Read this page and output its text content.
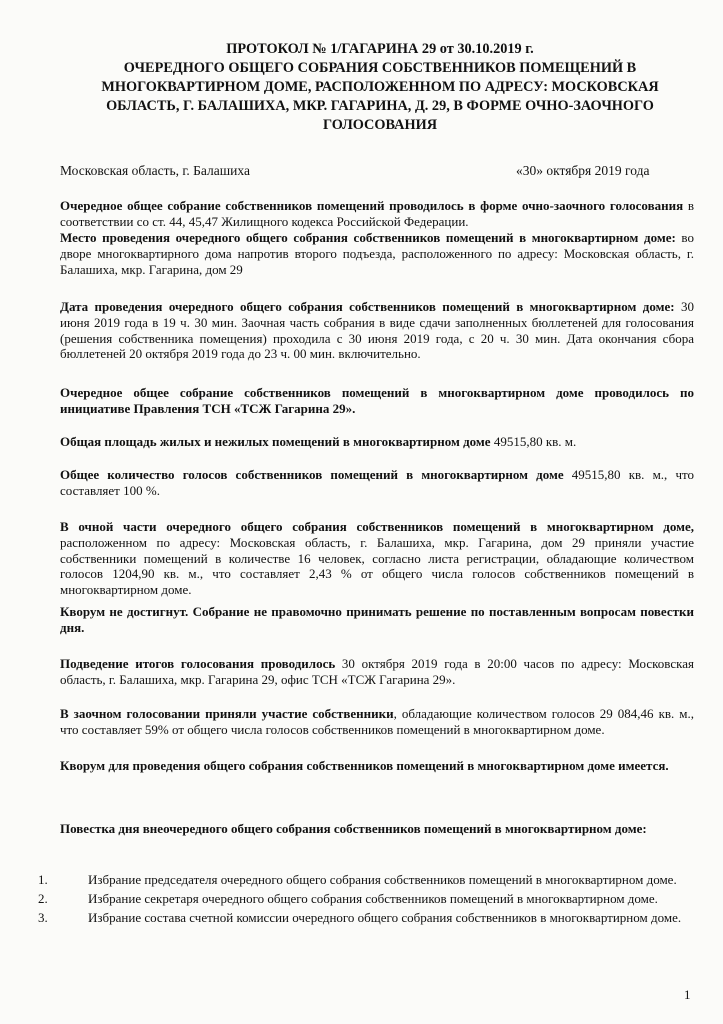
ПРОТОКОЛ № 1/ГАГАРИНА 29 от 30.10.2019 г.
ОЧЕРЕДНОГО ОБЩЕГО СОБРАНИЯ СОБСТВЕННИКОВ ПОМЕЩЕНИЙ В
МНОГОКВАРТИРНОМ ДОМЕ, РАСПОЛОЖЕННОМ ПО АДРЕСУ: МОСКОВСКАЯ
ОБЛАСТЬ, Г. БАЛАШИХА, МКР. ГАГАРИНА, Д. 29, В ФОРМЕ ОЧНО-ЗАОЧНОГО
ГОЛОСОВАНИЯ
Московская область, г. Балашиха	«30» октября 2019 года
Очередное общее собрание собственников помещений проводилось в форме очно-заочного голосования в соответствии со ст. 44, 45,47 Жилищного кодекса Российской Федерации.
Место проведения очередного общего собрания собственников помещений в многоквартирном доме: во дворе многоквартирного дома напротив второго подъезда, расположенного по адресу: Московская область, г. Балашиха, мкр. Гагарина, дом 29
Дата проведения очередного общего собрания собственников помещений в многоквартирном доме: 30 июня 2019 года в 19 ч. 30 мин. Заочная часть собрания в виде сдачи заполненных бюллетеней для голосования (решения собственника помещения) проходила с 30 июня 2019 года, с 20 ч. 30 мин. Дата окончания сбора бюллетеней 20 октября 2019 года до 23 ч. 00 мин. включительно.
Очередное общее собрание собственников помещений в многоквартирном доме проводилось по инициативе Правления ТСН «ТСЖ Гагарина 29».
Общая площадь жилых и нежилых помещений в многоквартирном доме 49515,80 кв. м.
Общее количество голосов собственников помещений в многоквартирном доме 49515,80 кв. м., что составляет 100 %.
В очной части очередного общего собрания собственников помещений в многоквартирном доме, расположенном по адресу: Московская область, г. Балашиха, мкр. Гагарина, дом 29 приняли участие собственники помещений в количестве 16 человек, согласно листа регистрации, обладающие количеством голосов 1204,90 кв. м., что составляет 2,43 % от общего числа голосов собственников помещений в многоквартирном доме.
Кворум не достигнут. Собрание не правомочно принимать решение по поставленным вопросам повестки дня.
Подведение итогов голосования проводилось 30 октября 2019 года в 20:00 часов по адресу: Московская область, г. Балашиха, мкр. Гагарина 29, офис ТСН «ТСЖ Гагарина 29».
В заочном голосовании приняли участие собственники, обладающие количеством голосов 29 084,46 кв. м., что составляет 59% от общего числа голосов собственников помещений в многоквартирном доме.
Кворум для проведения общего собрания собственников помещений в многоквартирном доме имеется.
Повестка дня внеочередного общего собрания собственников помещений в многоквартирном доме:
1.	Избрание председателя очередного общего собрания собственников помещений в многоквартирном доме.
2.	Избрание секретаря очередного общего собрания собственников помещений в многоквартирном доме.
3.	Избрание состава счетной комиссии очередного общего собрания собственников в многоквартирном доме.
1
